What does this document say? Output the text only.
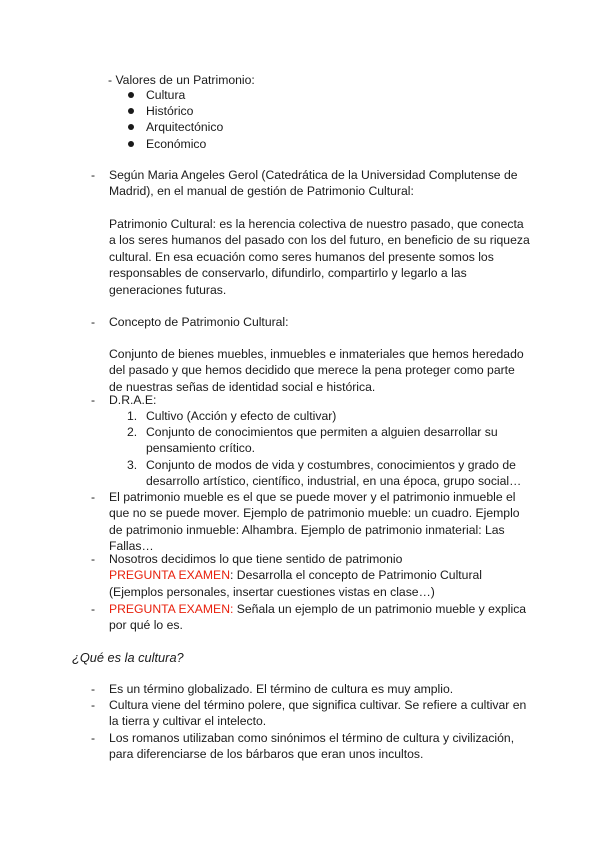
- Valores de un Patrimonio:
Cultura
Histórico
Arquitectónico
Económico
-	Según Maria Angeles Gerol (Catedrática de la Universidad Complutense de

Madrid), en el manual de gestión de Patrimonio Cultural:

Patrimonio Cultural: es la herencia colectiva de nuestro pasado, que conecta

a los seres humanos del pasado con los del futuro, en beneficio de su riqueza

cultural. En esa ecuación como seres humanos del presente somos los

responsables de conservarlo, difundirlo, compartirlo y legarlo a las

generaciones futuras.

-	Concepto de Patrimonio Cultural:

Conjunto de bienes muebles, inmuebles e inmateriales que hemos heredado

del pasado y que hemos decidido que merece la pena proteger como parte

de nuestras señas de identidad social e histórica.

-	D.R.A.E:
1. Cultivo (Acción y efecto de cultivar)

2. Conjunto de conocimientos que permiten a alguien desarrollar su

pensamiento crítico.

3. Conjunto de modos de vida y costumbres, conocimientos y grado de

desarrollo artístico, científico, industrial, en una época, grupo social…

-	El patrimonio mueble es el que se puede mover y el patrimonio inmueble el

que no se puede mover. Ejemplo de patrimonio mueble: un cuadro. Ejemplo

de patrimonio inmueble: Alhambra. Ejemplo de patrimonio inmaterial: Las

Fallas…

-	Nosotros decidimos lo que tiene sentido de patrimonio

PREGUNTA EXAMEN: Desarrolla el concepto de Patrimonio Cultural

(Ejemplos personales, insertar cuestiones vistas en clase…)

-	PREGUNTA EXAMEN: Señala un ejemplo de un patrimonio mueble y explica

por qué lo es.

¿Qué es la cultura?
-	Es un término globalizado. El término de cultura es muy amplio.

-	Cultura viene del término polere, que significa cultivar. Se refiere a cultivar en

la tierra y cultivar el intelecto.

-	Los romanos utilizaban como sinónimos el término de cultura y civilización,

para diferenciarse de los bárbaros que eran unos incultos.
